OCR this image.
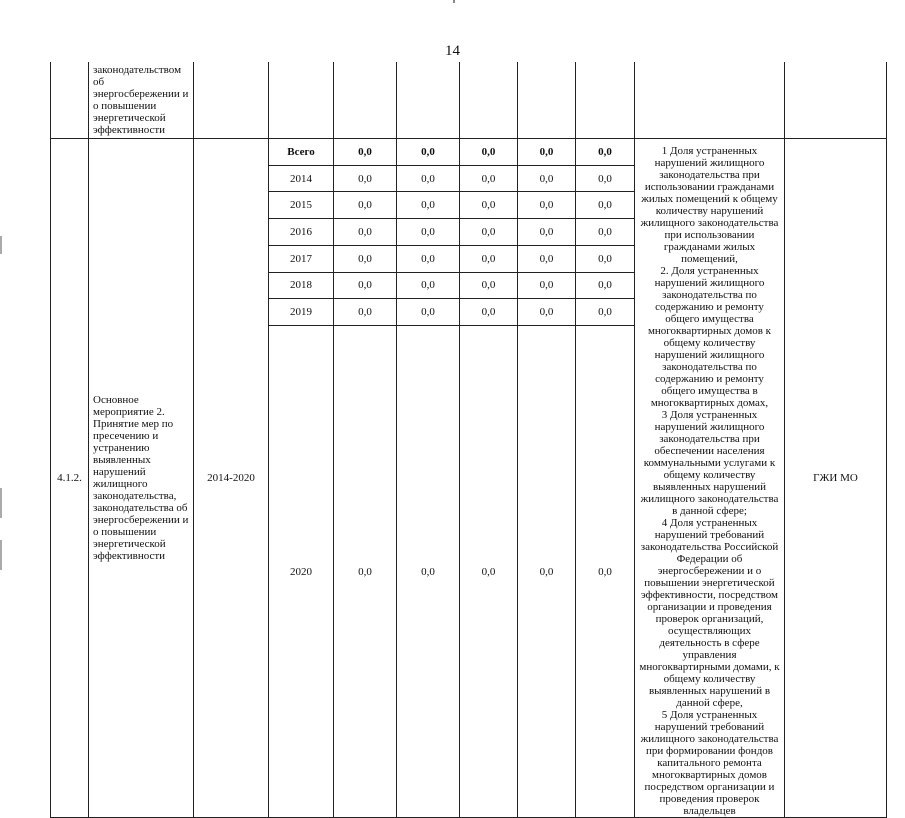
14
	законодательством об энергосбережении и о повышении энергетической эффективности									
4.1.2.	Основное мероприятие 2. Принятие мер по пресечению и устранению выявленных нарушений жилищного законодательства, законодательства об энергосбережении и о повышении энергетической эффективности	2014-2020	Всего	0,0	0,0	0,0	0,0	0,0	1 Доля устраненных нарушений жилищного законодательства при использовании гражданами жилых помещений к общему количеству нарушений жилищного законодательства при использовании гражданами жилых помещений,

2. Доля устраненных нарушений жилищного законодательства по содержанию и ремонту общего имущества многоквартирных домов к общему количеству нарушений жилищного законодательства по содержанию и ремонту общего имущества в многоквартирных домах,

3 Доля устраненных нарушений жилищного законодательства при обеспечении населения коммунальными услугами к общему количеству выявленных нарушений жилищного законодательства в данной сфере;

4 Доля устраненных нарушений требований законодательства Российской Федерации об энергосбережении и о повышении энергетической эффективности, посредством организации и проведения проверок организаций, осуществляющих деятельность в сфере управления многоквартирными домами, к общему количеству выявленных нарушений в данной сфере,

5 Доля устраненных нарушений требований жилищного законодательства при формировании фондов капитального ремонта многоквартирных домов посредством организации и проведения проверок владельцев	ГЖИ МО
			2014	0,0	0,0	0,0	0,0	0,0		
			2015	0,0	0,0	0,0	0,0	0,0		
			2016	0,0	0,0	0,0	0,0	0,0		
			2017	0,0	0,0	0,0	0,0	0,0		
			2018	0,0	0,0	0,0	0,0	0,0		
			2019	0,0	0,0	0,0	0,0	0,0		
			2020	0,0	0,0	0,0	0,0	0,0		
